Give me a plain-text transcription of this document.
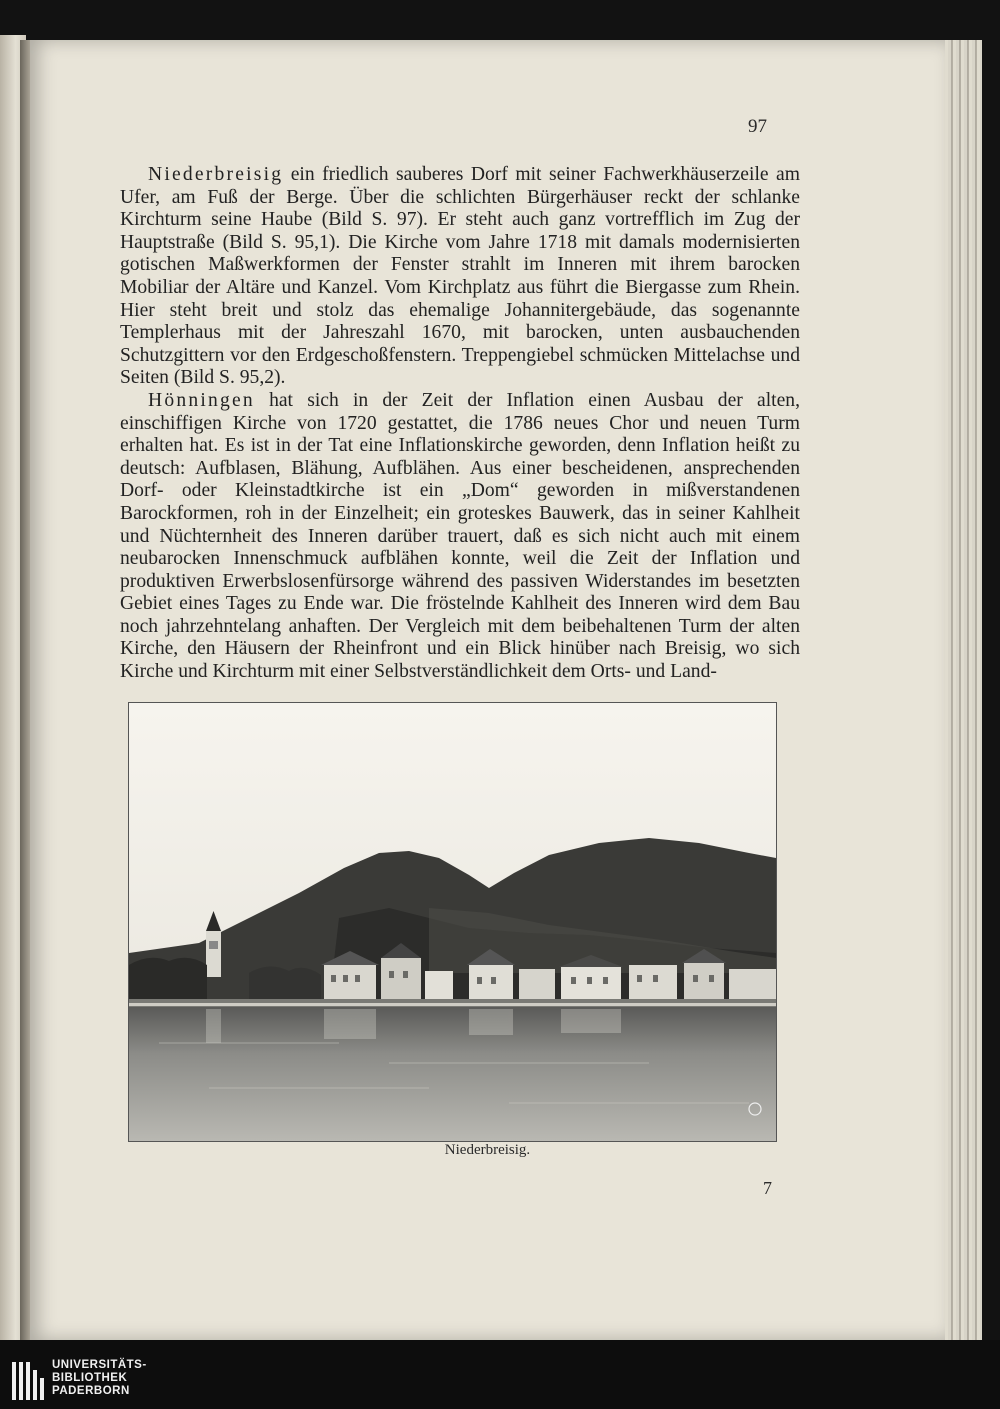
97

Niederbreisig ein friedlich sauberes Dorf mit seiner Fachwerkhäuserzeile am Ufer, am Fuß der Berge. Über die schlichten Bürgerhäuser reckt der schlanke Kirchturm seine Haube (Bild S. 97). Er steht auch ganz vortrefflich im Zug der Hauptstraße (Bild S. 95,1). Die Kirche vom Jahre 1718 mit damals modernisierten gotischen Maßwerkformen der Fenster strahlt im Inneren mit ihrem barocken Mobiliar der Altäre und Kanzel. Vom Kirchplatz aus führt die Biergasse zum Rhein. Hier steht breit und stolz das ehemalige Johannitergebäude, das sogenannte Templerhaus mit der Jahreszahl 1670, mit barocken, unten ausbauchenden Schutzgittern vor den Erdgeschoßfenstern. Treppengiebel schmücken Mittelachse und Seiten (Bild S. 95,2).

Hönningen hat sich in der Zeit der Inflation einen Ausbau der alten, einschiffigen Kirche von 1720 gestattet, die 1786 neues Chor und neuen Turm erhalten hat. Es ist in der Tat eine Inflationskirche geworden, denn Inflation heißt zu deutsch: Aufblasen, Blähung, Aufblähen. Aus einer bescheidenen, ansprechenden Dorf- oder Kleinstadtkirche ist ein „Dom“ geworden in mißverstandenen Barockformen, roh in der Einzelheit; ein groteskes Bauwerk, das in seiner Kahlheit und Nüchternheit des Inneren darüber trauert, daß es sich nicht auch mit einem neubarocken Innenschmuck aufblähen konnte, weil die Zeit der Inflation und produktiven Erwerbslosenfürsorge während des passiven Widerstandes im besetzten Gebiet eines Tages zu Ende war. Die fröstelnde Kahlheit des Inneren wird dem Bau noch jahrzehntelang anhaften. Der Vergleich mit dem beibehaltenen Turm der alten Kirche, den Häusern der Rheinfront und ein Blick hinüber nach Breisig, wo sich Kirche und Kirchturm mit einer Selbstverständlichkeit dem Orts- und Land-

Niederbreisig.
7
UNIVERSITÄTS-
BIBLIOTHEK
PADERBORN
